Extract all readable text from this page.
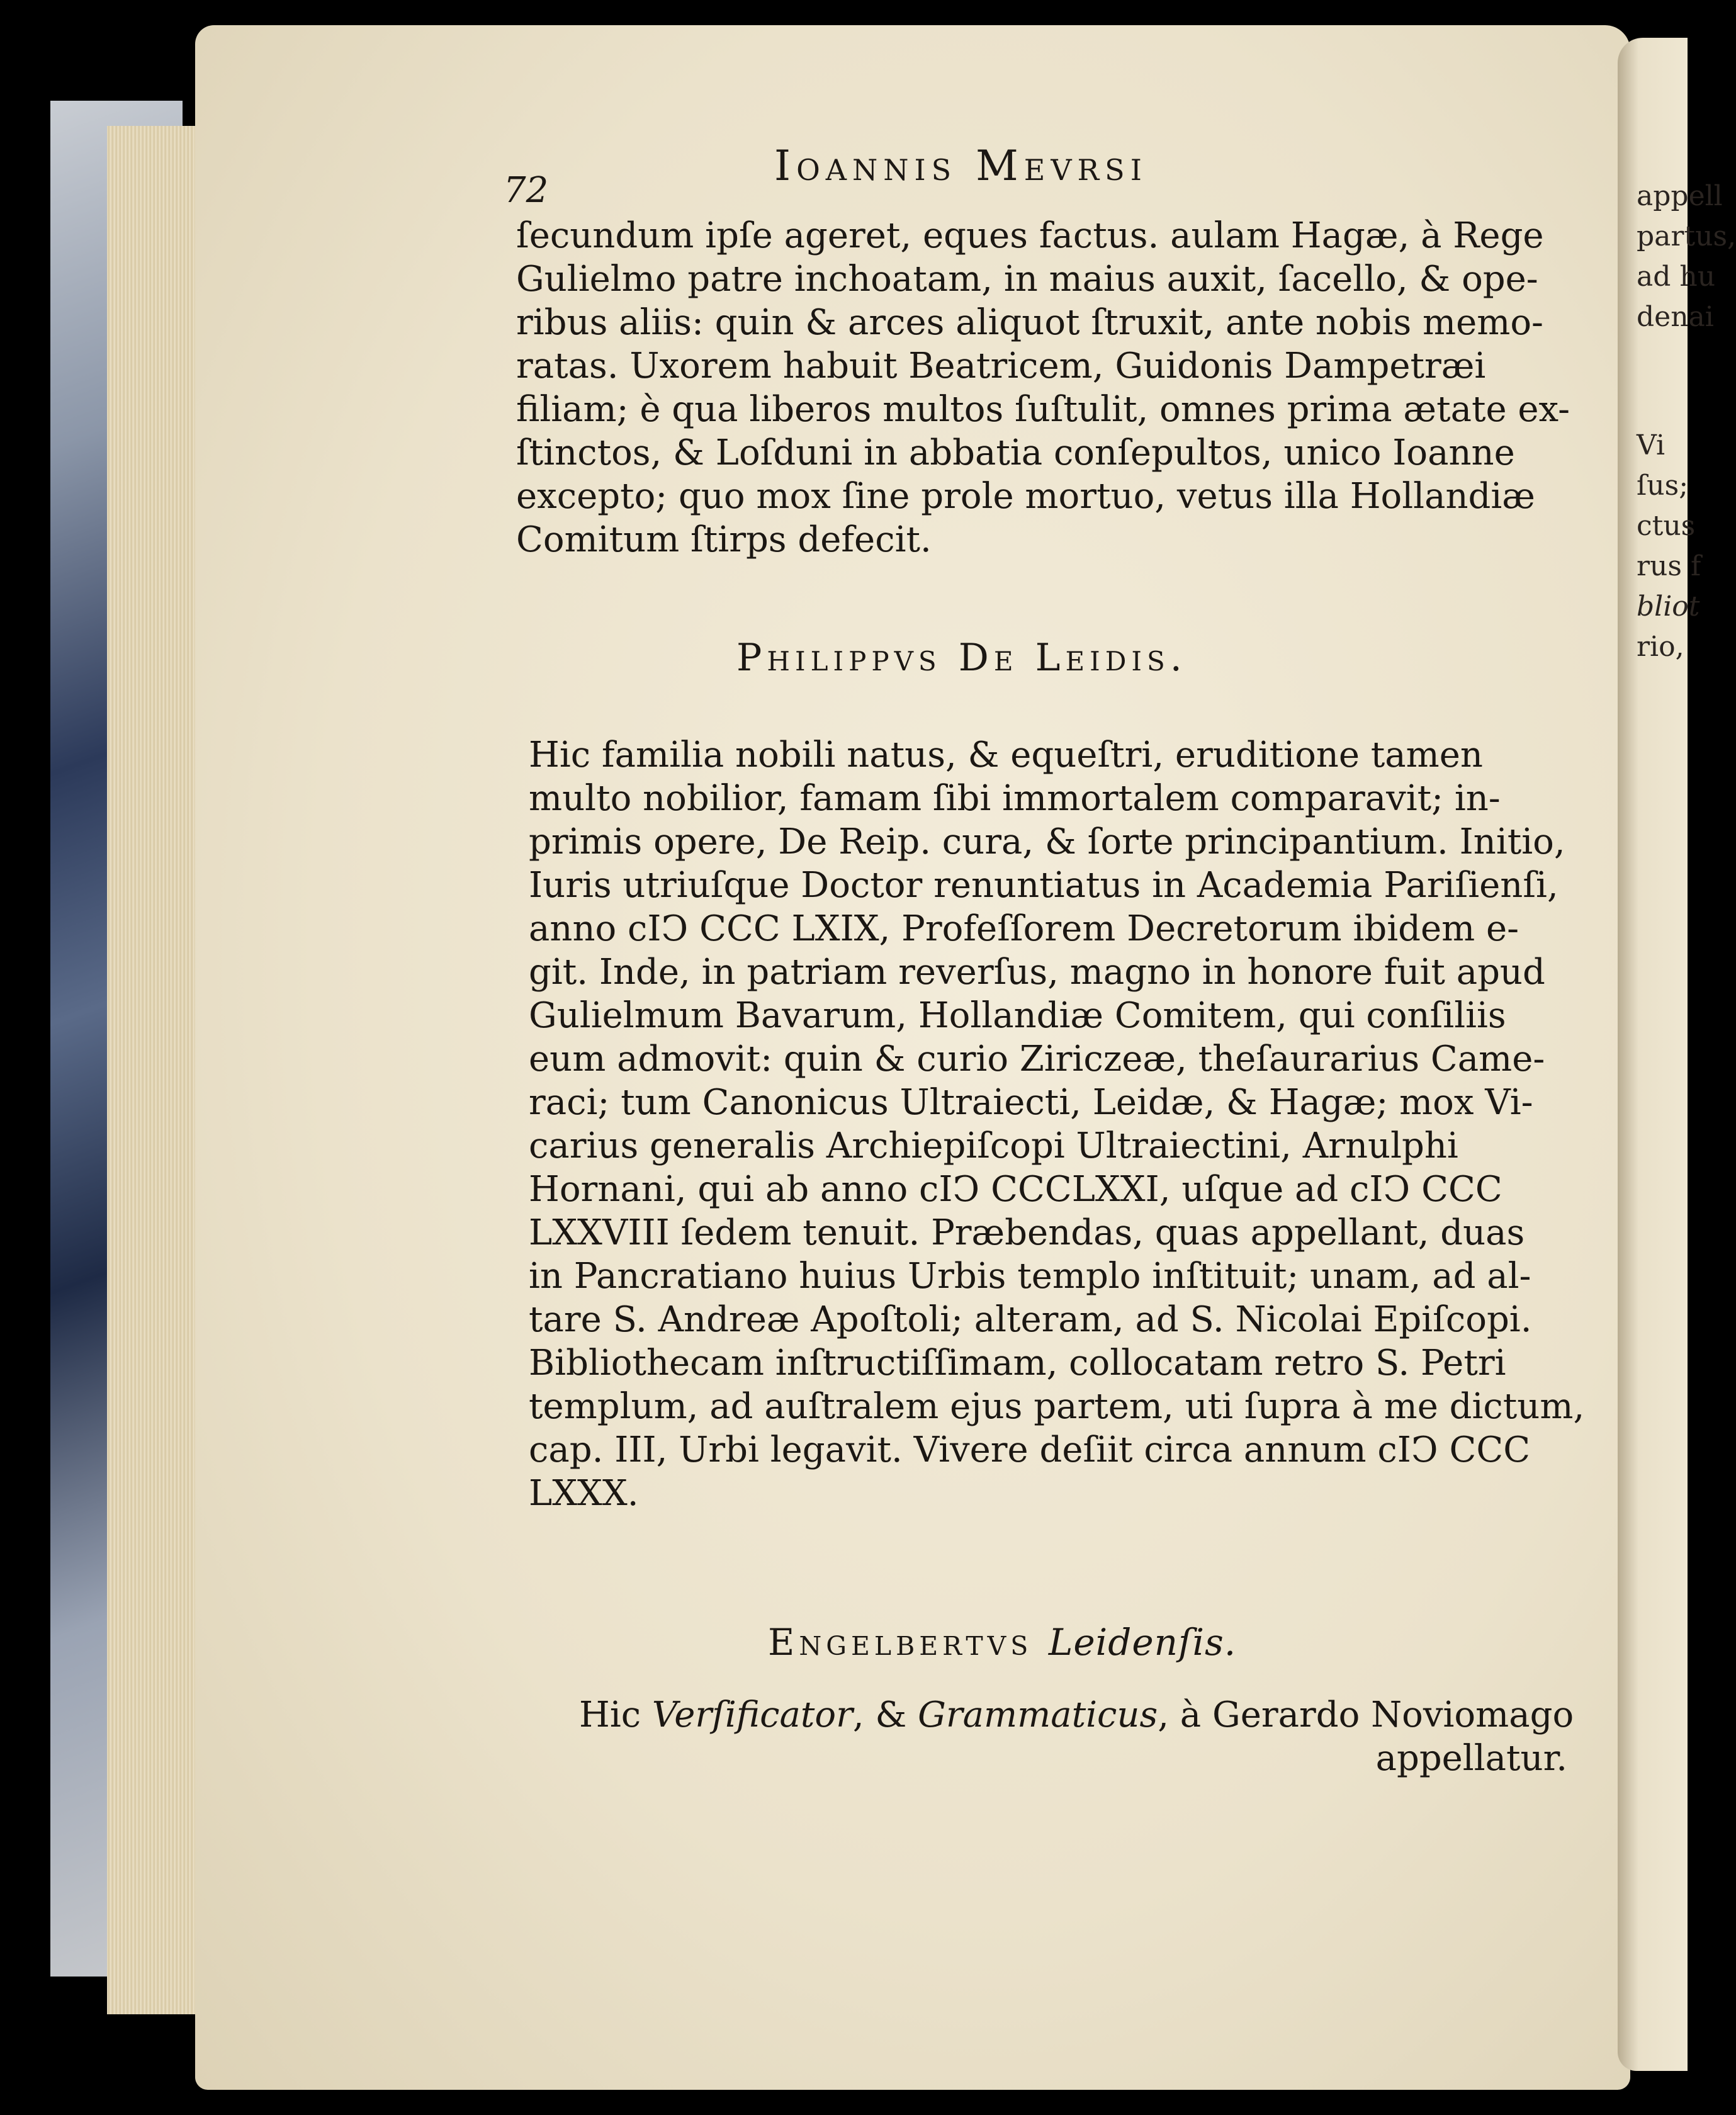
appell
partus,
ad hu
denai
Vi
ſus;
ctus
rus f
bliot
rio,
72
Ioannis Mevrsi
ſecundum ipſe ageret, eques factus. aulam Hagæ, à Rege
Gulielmo patre inchoatam, in maius auxit, ſacello, & ope-
ribus aliis: quin & arces aliquot ſtruxit, ante nobis memo-
ratas. Uxorem habuit Beatricem, Guidonis Dampetræi
filiam; è qua liberos multos ſuſtulit, omnes prima ætate ex-
ſtinctos, & Loſduni in abbatia conſepultos, unico Ioanne
excepto; quo mox ſine prole mortuo, vetus illa Hollandiæ
Comitum ſtirps defecit.
Philippvs De Leidis.
Hic familia nobili natus, & equeſtri, eruditione tamen
multo nobilior, famam ſibi immortalem comparavit; in-
primis opere, De Reip. cura, & ſorte principantium. Initio,
Iuris utriuſque Doctor renuntiatus in Academia Pariſienſi,
anno cIↃ CCC LXIX, Profeſſorem Decretorum ibidem e-
git. Inde, in patriam reverſus, magno in honore fuit apud
Gulielmum Bavarum, Hollandiæ Comitem, qui conſiliis
eum admovit: quin & curio Ziriczeæ, theſaurarius Came-
raci; tum Canonicus Ultraiecti, Leidæ, & Hagæ; mox Vi-
carius generalis Archiepiſcopi Ultraiectini, Arnulphi
Hornani, qui ab anno cIↃ CCCLXXI, uſque ad cIↃ CCC
LXXVIII ſedem tenuit. Præbendas, quas appellant, duas
in Pancratiano huius Urbis templo inſtituit; unam, ad al-
tare S. Andreæ Apoſtoli; alteram, ad S. Nicolai Epiſcopi.
Bibliothecam inſtructiſſimam, collocatam retro S. Petri
templum, ad auſtralem ejus partem, uti ſupra à me dictum,
cap. III, Urbi legavit. Vivere deſiit circa annum cIↃ CCC
LXXX.
Engelbertvs Leidenſis.
Hic Verſificator, & Grammaticus, à Gerardo Noviomago
appellatur.
